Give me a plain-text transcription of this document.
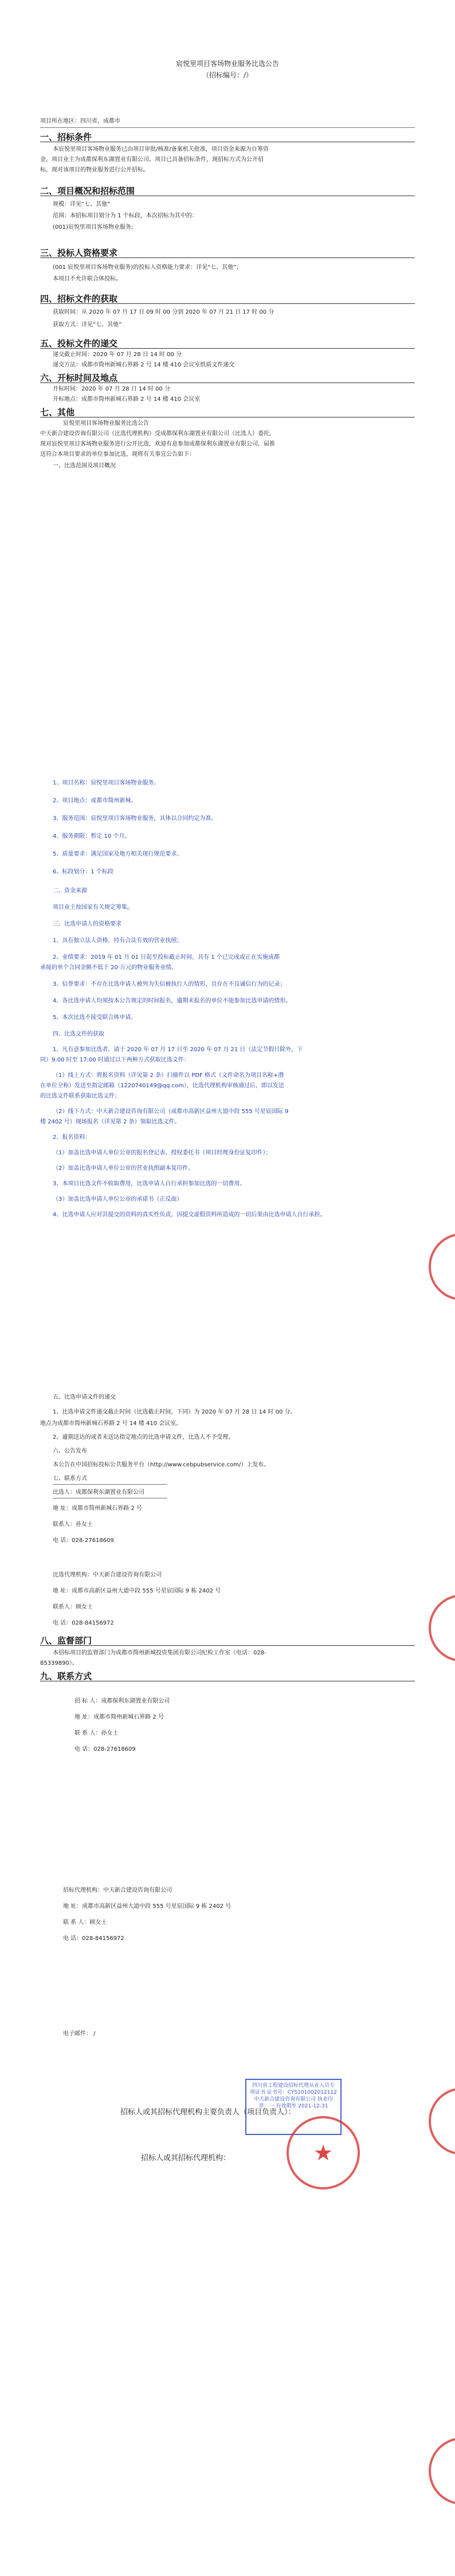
宸悦里项目客场物业服务比选公告
（招标编号：/）
项目所在地区：四川省，成都市
一、招标条件
本宸悦里项目客场物业服务已由项目审批/核准/备案机关批准，项目资金来源为自筹资
金，项目业主为成都保利东湖置业有限公司。项目已具备招标条件，现招标方式为公开招
标，现对该项目的物业服务进行公开招标。
二、项目概况和招标范围
规模：详见“七、其他”
范围：本招标项目划分为 1 个标段，本次招标为其中的：
(001)宸悦里项目客场物业服务;
三、投标人资格要求
(001 宸悦里项目客场物业服务)的投标人资格能力要求：详见“七、其他”；
本项目不允许联合体投标。
四、招标文件的获取
获取时间：从 2020 年 07 月 17 日 09 时 00 分到 2020 年 07 月 21 日 17 时 00 分
获取方式：详见“七、其他”
五、投标文件的递交
递交截止时间：2020 年 07 月 28 日 14 时 00 分
递交方法：成都市简州新城石界路 2 号 14 楼 410 会议室纸质文件递交
六、开标时间及地点
开标时间：2020 年 07 月 28 日 14 时 00 分
开标地点：成都市简州新城石界路 2 号 14 楼 410 会议室
七、其他
宸悦里项目客场物业服务比选公告
中天新合建设咨询有限公司（比选代理机构）受成都保利东湖置业有限公司（比选人）委托，
现对宸悦里项目客场物业服务进行公开比选，欢迎有意参加成都保利东湖置业有限公司，届推
送符合本项目要求的单位参加比选，现将有关事宜公告如下：
一、比选范围及项目概况
1、项目名称：宸悦里项目客场物业服务。
2、项目地点：成都市简州新城。
3、服务范围：宸悦里项目客场物业服务，具体以合同约定为准。
4、服务期限：暂定 10 个月。
5、质量要求：满足国家及地方相关现行规范要求。
6、标段划分：1 个标段
二、资金来源
项目业主按国家有关规定筹集。
三、比选申请人的资格要求
1、具有独立法人资格，持有合法有效的营业执照；
2、业绩要求：2019 年 01 月 01 日起至投标截止时间，具有 1 个已完成或正在实施成都
承接的单个合同金额不低于 20 万元的物业服务业绩。
3、信誉要求：不存在比选申请人被列为失信被执行人的情形，且存在不良诚信行为的记录；
4、各比选申请人均须按本公告规定的时间报名，逾期未报名的单位不能参加比选申请的情形。
5、本次比选不接受联合体申请。
四、比选文件的获取
1、凡有意参加比选者，请于 2020 年 07 月 17 日至 2020 年 07 月 21 日（法定节假日除外，下
同）9:00 时至 17:00 时通过以下两种方式获取比选文件：
（1）线上方式：将报名资料（详见第 2 条）扫描件以 PDF 格式（文件命名为项目名称+潜
在单位全称）发送至指定邮箱（1220740149@qq.com），比选代理机构审核通过后，即以发送
的比选文件联系获取比选文件；
（2）线下方式：中天新合建设咨询有限公司（成都市高新区益州大道中段 555 号星宸国际 9
楼 2402 号）现场报名（详见第 2 条）领取比选文件。
2、报名资料：
（1）加盖比选申请人单位公章的报名登记表、授权委托书（项目经理身份证复印件）；
（2）加盖比选申请人单位公章的营业执照副本复印件。
3、本项目比选文件不收取费用，比选申请人自行承担参加比选的一切费用。
（3）加盖比选申请人单位公章的承诺书（正反面）
4、比选申请人应对其提交的资料的真实性负责，因提交虚假资料所造成的一切后果由比选申请人自行承担。
五、比选申请文件的递交
1、比选申请文件递交截止时间（比选截止时间，下同）为 2020 年 07 月 28 日 14 时 00 分。
地点为成都市简州新城石界路 2 号 14 楼 410 会议室。
2、逾期送达的或者未送达指定地点的比选申请文件，比选人不予受理。
六、公告发布
本公告在中国招标投标公共服务平台（http://www.cebpubservice.com/）上发布。
七、联系方式
比选人：成都保利东湖置业有限公司
地 址：成都市简州新城石界路 2 号
联系人：孙女士
电 话：028-27618609
比选代理机构：中天新合建设咨询有限公司
地 址：成都市高新区益州大道中段 555 号星宸国际 9 栋 2402 号
联系人：顾女士
电 话：028-84156972
八、监督部门
本招标项目的监督部门为成都市简州新城投资集团有限公司纪检工作室（电话：028-
85339890）。
九、联系方式
招 标 人：成都保利东湖置业有限公司
地 址：成都市简州新城石界路 2 号
联 系 人：孙女士
电 话：028-27618609
招标代理机构：中天新合建设咨询有限公司
地 址：成都市高新区益州大道中段 555 号星宸国际 9 栋 2402 号
联 系 人：顾女士
电 话：028-84156972
电子邮件： /
招标人或其招标代理机构主要负责人（项目负责人）：
招标人或其招标代理机构：
四川省工程建设招标代理从业人员专项证书 证书号：CYS101002012112 中天新合建设咨询有限公司 执业印章：一 有效期至 2021-12-31
★
